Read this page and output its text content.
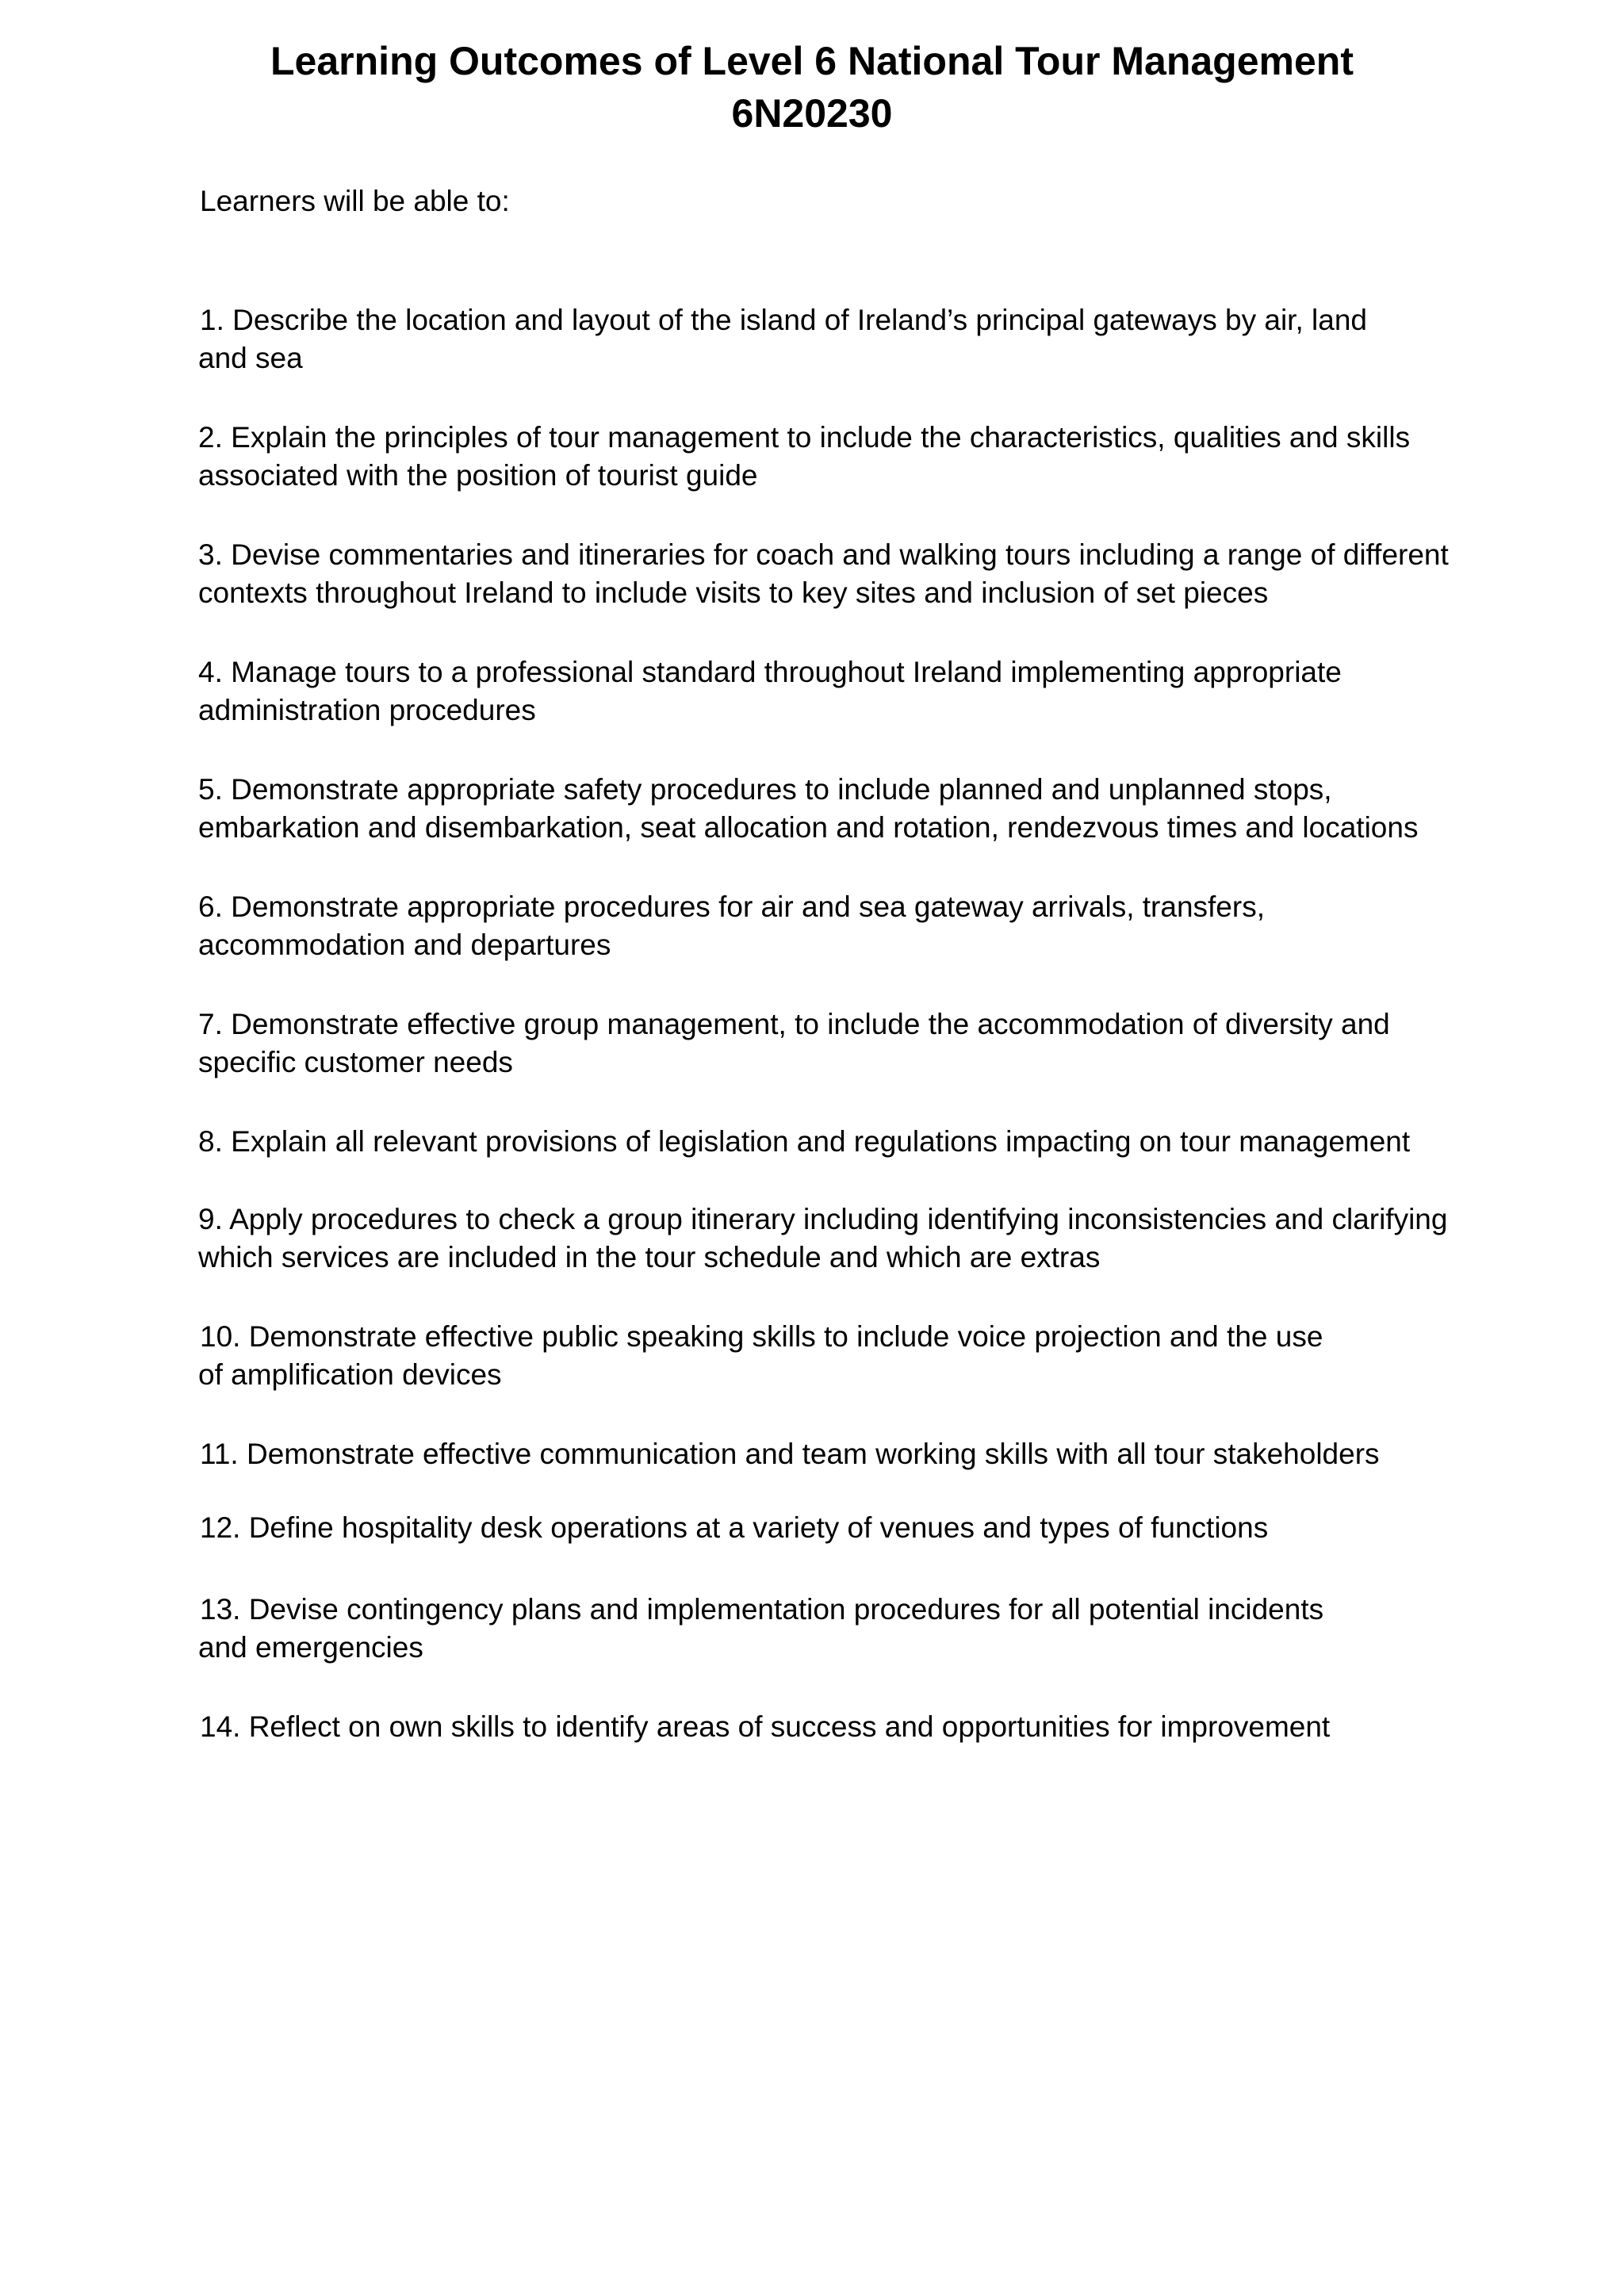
Learning Outcomes of Level 6 National Tour Management
6N20230

Learners will be able to:

1. Describe the location and layout of the island of Ireland’s principal gateways by air, land
and sea
2. Explain the principles of tour management to include the characteristics, qualities and skills
associated with the position of tourist guide
3. Devise commentaries and itineraries for coach and walking tours including a range of different
contexts throughout Ireland to include visits to key sites and inclusion of set pieces
4. Manage tours to a professional standard throughout Ireland implementing appropriate
administration procedures
5. Demonstrate appropriate safety procedures to include planned and unplanned stops,
embarkation and disembarkation, seat allocation and rotation, rendezvous times and locations
6. Demonstrate appropriate procedures for air and sea gateway arrivals, transfers,
accommodation and departures
7. Demonstrate effective group management, to include the accommodation of diversity and
specific customer needs
8. Explain all relevant provisions of legislation and regulations impacting on tour management
9. Apply procedures to check a group itinerary including identifying inconsistencies and clarifying
which services are included in the tour schedule and which are extras
10. Demonstrate effective public speaking skills to include voice projection and the use
of amplification devices
11. Demonstrate effective communication and team working skills with all tour stakeholders
12. Define hospitality desk operations at a variety of venues and types of functions
13. Devise contingency plans and implementation procedures for all potential incidents
and emergencies
14. Reflect on own skills to identify areas of success and opportunities for improvement
